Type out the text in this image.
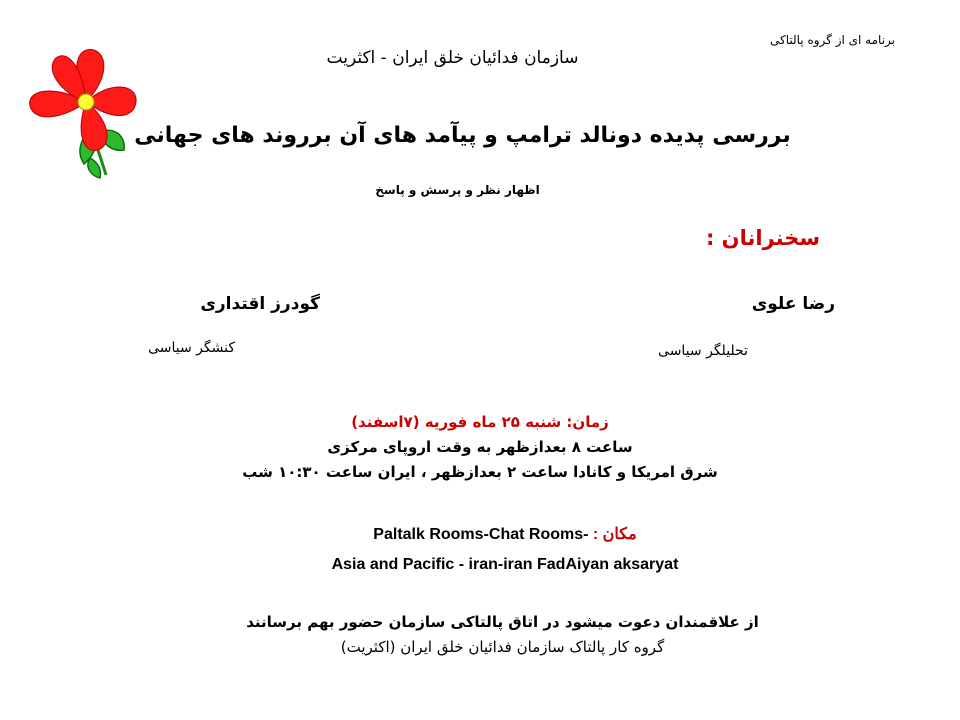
برنامه ای از گروه پالتاکی
سازمان فدائیان خلق ایران - اکثریت
بررسی پدیده دونالد ترامپ و پیآمد های آن برروند های جهانی
اظهار نظر و پرسش و پاسخ
سخنرانان :
رضا علوی
تحلیلگر سیاسی
گودرز اقتداری
کنشگر سیاسی
زمان: شنبه ۲۵ ماه فوریه (۷اسفند)
ساعت ۸ بعدازظهر به وقت اروپای مرکزی
شرق امریکا و کانادا ساعت ۲ بعدازظهر ، ایران ساعت ۱۰:۳۰ شب
مکان : Paltalk Rooms-Chat Rooms-
Asia and Pacific - iran-iran FadAiyan aksaryat
از علاقمندان دعوت میشود در اتاق پالتاکی سازمان حضور بهم برسانند
گروه کار پالتاک سازمان فدائیان خلق ایران (اکثریت)
